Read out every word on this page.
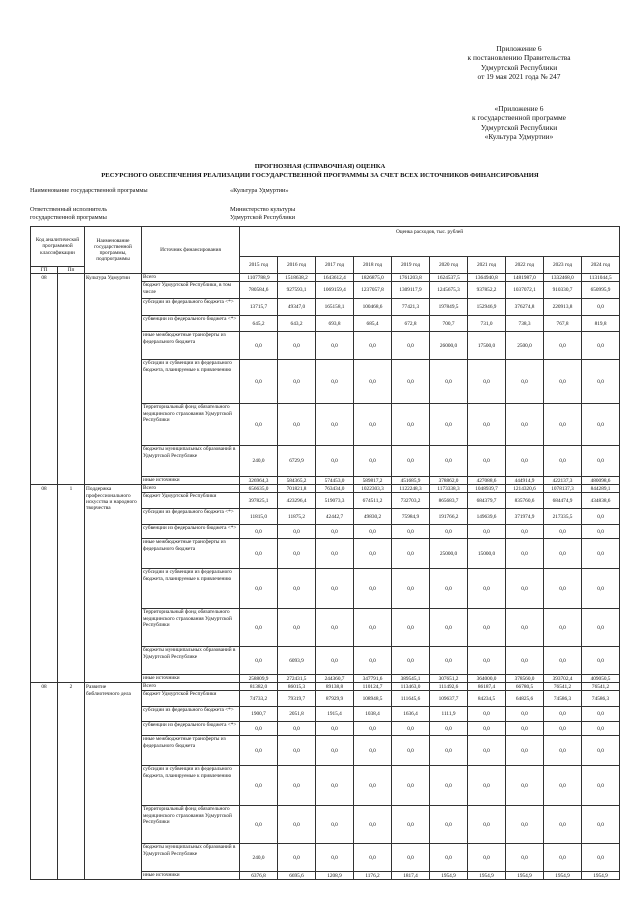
Приложение 6
к постановлению Правительства
Удмуртской Республики
от 19 мая 2021 года № 247
«Приложение 6
к государственной программе
Удмуртской Республики
«Культура Удмуртии»
ПРОГНОЗНАЯ (СПРАВОЧНАЯ) ОЦЕНКА
РЕСУРСНОГО ОБЕСПЕЧЕНИЯ РЕАЛИЗАЦИИ ГОСУДАРСТВЕННОЙ ПРОГРАММЫ ЗА СЧЕТ ВСЕХ ИСТОЧНИКОВ ФИНАНСИРОВАНИЯ
Наименование государственной программы	«Культура Удмуртии»
Ответственный исполнитель
государственной программы
Министерство культуры
Удмуртской Республики
Код аналитической программной классификации		Наименование государственной программы, подпрограммы	Источник финансирования	Оценка расходов, тыс. рублей									
				2015 год	2016 год	2017 год	2018 год	2019 год	2020 год	2021 год	2022 год	2023 год	2024 год
ГП	Пп												
08		Культура Удмуртии	Всего	1107788,9	1518638,2	1643612,4	1826875,0	1761203,8	1624537,5	1364940,8	1481987,0	1332468,0	1131044,5
			бюджет Удмуртской Республики, в том числе	780584,6	927593,1	1069159,4	1237057,8	1309117,9	1245675,3	937852,2	1037072,1	910330,7	650995,9
			субсидии из федерального бюджета <*>	13715,7	49347,0	165158,1	100468,6	77421,3	197849,5	152946,9	376274,8	220913,8	0,0
			субвенции из федерального бюджета <*>	645,2	643,2	693,8	685,4	672,8	700,7	731,0	738,3	767,8	819,8
			иные межбюджетные трансферты из федерального бюджета	0,0	0,0	0,0	0,0	0,0	26000,0	17500,0	2500,0	0,0	0,0
			субсидии и субвенции из федерального бюджета, планируемые к привлечению	0,0	0,0	0,0	0,0	0,0	0,0	0,0	0,0	0,0	0,0
			Территориальный фонд обязательного медицинского страхования Удмуртской Республики	0,0	0,0	0,0	0,0	0,0	0,0	0,0	0,0	0,0	0,0
			бюджеты муниципальных образований в Удмуртской Республике	240,0	6729,9	0,0	0,0	0,0	0,0	0,0	0,0	0,0	0,0
			иные источники	326964,3	584365,2	574453,0	589817,2	451685,9	378862,0	427088,6	444914,9	422137,3	480098,6
08	1	Поддержка профессионального искусства и народного творчества	Всего	656635,0	701821,8	763434,0	1022303,3	1122248,3	1173338,3	1048939,7	1214320,6	1078137,3	844289,1
			бюджет Удмуртской Республики	397825,1	423296,4	519073,3	674511,2	732703,2	865683,7	684379,7	835760,6	684474,9	434838,6
			субсидии из федерального бюджета <*>	11815,0	11875,2	42442,7	49830,2	75984,9	191766,2	149639,6	371974,9	217335,5	0,0
			субвенции из федерального бюджета <*>	0,0	0,0	0,0	0,0	0,0	0,0	0,0	0,0	0,0	0,0
			иные межбюджетные трансферты из федерального бюджета	0,0	0,0	0,0	0,0	0,0	25000,0	15000,0	0,0	0,0	0,0
			субсидии и субвенции из федерального бюджета, планируемые к привлечению	0,0	0,0	0,0	0,0	0,0	0,0	0,0	0,0	0,0	0,0
			Территориальный фонд обязательного медицинского страхования Удмуртской Республики	0,0	0,0	0,0	0,0	0,0	0,0	0,0	0,0	0,0	0,0
			бюджеты муниципальных образований в Удмуртской Республике	0,0	6093,9	0,0	0,0	0,0	0,0	0,0	0,0	0,0	0,0
			иные источники	258809,9	272431,5	244360,7	347791,6	389545,1	307651,2	364000,0	378560,0	393702,4	409050,5
08	2	Развитие библиотечного дела	Всего	81382,0	86015,3	89138,8	110124,7	113463,0	111492,6	86187,4	66780,5	76541,2	76541,2
			бюджет Удмуртской Республики	74733,2	79319,7	87929,9	108948,5	111645,6	109637,7	84234,5	64825,6	74586,3	74586,3
			субсидии из федерального бюджета <*>	1900,7	2051,8	1915,4	1038,4	1636,4	1111,9	0,0	0,0	0,0	0,0
			субвенции из федерального бюджета <*>	0,0	0,0	0,0	0,0	0,0	0,0	0,0	0,0	0,0	0,0
			иные межбюджетные трансферты из федерального бюджета	0,0	0,0	0,0	0,0	0,0	0,0	0,0	0,0	0,0	0,0
			субсидии и субвенции из федерального бюджета, планируемые к привлечению	0,0	0,0	0,0	0,0	0,0	0,0	0,0	0,0	0,0	0,0
			Территориальный фонд обязательного медицинского страхования Удмуртской Республики	0,0	0,0	0,0	0,0	0,0	0,0	0,0	0,0	0,0	0,0
			бюджеты муниципальных образований в Удмуртской Республике	240,0	0,0	0,0	0,0	0,0	0,0	0,0	0,0	0,0	0,0
			иные источники	6376,8	6695,6	1208,9	1176,2	1817,4	1954,9	1954,9	1954,9	1954,9	1954,9
